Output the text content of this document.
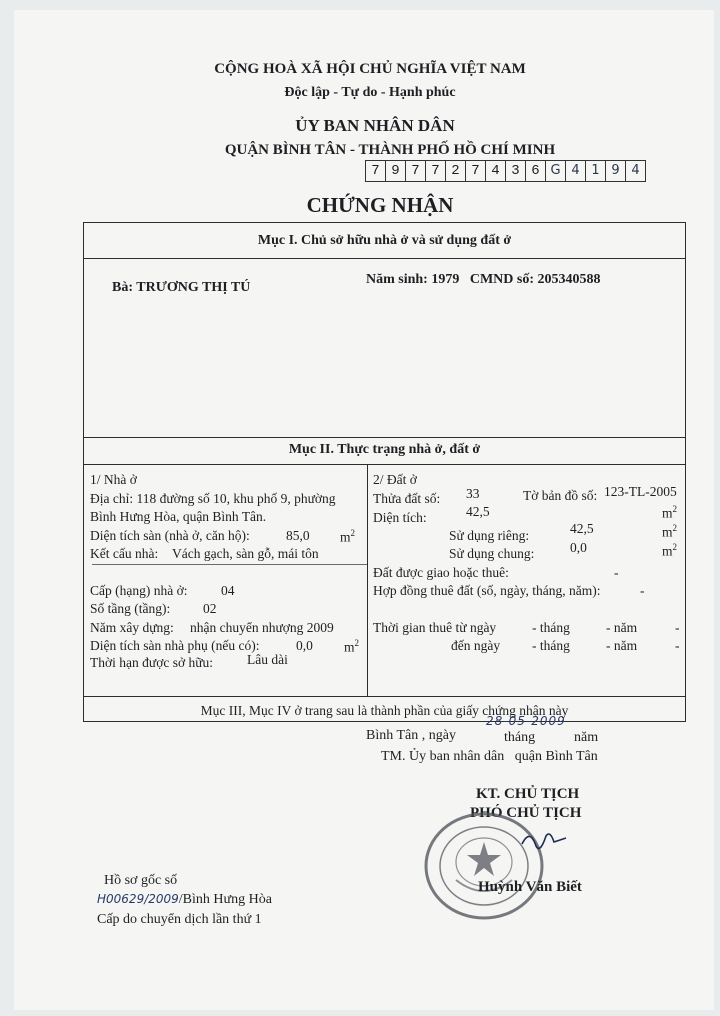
CỘNG HOÀ XÃ HỘI CHỦ NGHĨA VIỆT NAM
Độc lập - Tự do - Hạnh phúc
ỦY BAN NHÂN DÂN
QUẬN BÌNH TÂN - THÀNH PHỐ HỒ CHÍ MINH
7 9 7 7 2 7 4 3 6 G 4 1 9 4
CHỨNG NHẬN
Mục I. Chủ sở hữu nhà ở và sử dụng đất ở
Bà: TRƯƠNG THỊ TÚ
Năm sinh: 1979   CMND số: 205340588
Mục II. Thực trạng nhà ở, đất ở
1/ Nhà ở
Địa chỉ: 118 đường số 10, khu phố 9, phường
Bình Hưng Hòa, quận Bình Tân.
Diện tích sàn (nhà ở, căn hộ):	85,0 $m^2$
Kết cấu nhà: Vách gạch, sàn gỗ, mái tôn
Cấp (hạng) nhà ở: 04
Số tầng (tầng): 02
Năm xây dựng: nhận chuyển nhượng 2009
Diện tích sàn nhà phụ (nếu có):	0,0 $m^2$
Thời hạn được sở hữu:	Lâu dài
2/ Đất ở
Thửa đất số: 33	Tờ bản đồ số: 123-TL-2005
Diện tích:	42,5	$m^2$
Sử dụng riêng:	42,5	$m^2$
Sử dụng chung:	0,0	$m^2$
Đất được giao hoặc thuê:	-
Hợp đồng thuê đất (số, ngày, tháng, năm):	-
Thời gian thuê từ ngày	- tháng	- năm	-
đến ngày - tháng	- năm	-
Mục III, Mục IV ở trang sau là thành phần của giấy chứng nhận này
Bình Tân , ngày	tháng	năm
28-05-2009
TM. Ủy ban nhân dân   quận Bình Tân
KT. CHỦ TỊCH
PHÓ CHỦ TỊCH
Huỳnh Văn Biết
Hồ sơ gốc số
H00629/2009/Bình Hưng Hòa
Cấp do chuyển dịch lần thứ 1
